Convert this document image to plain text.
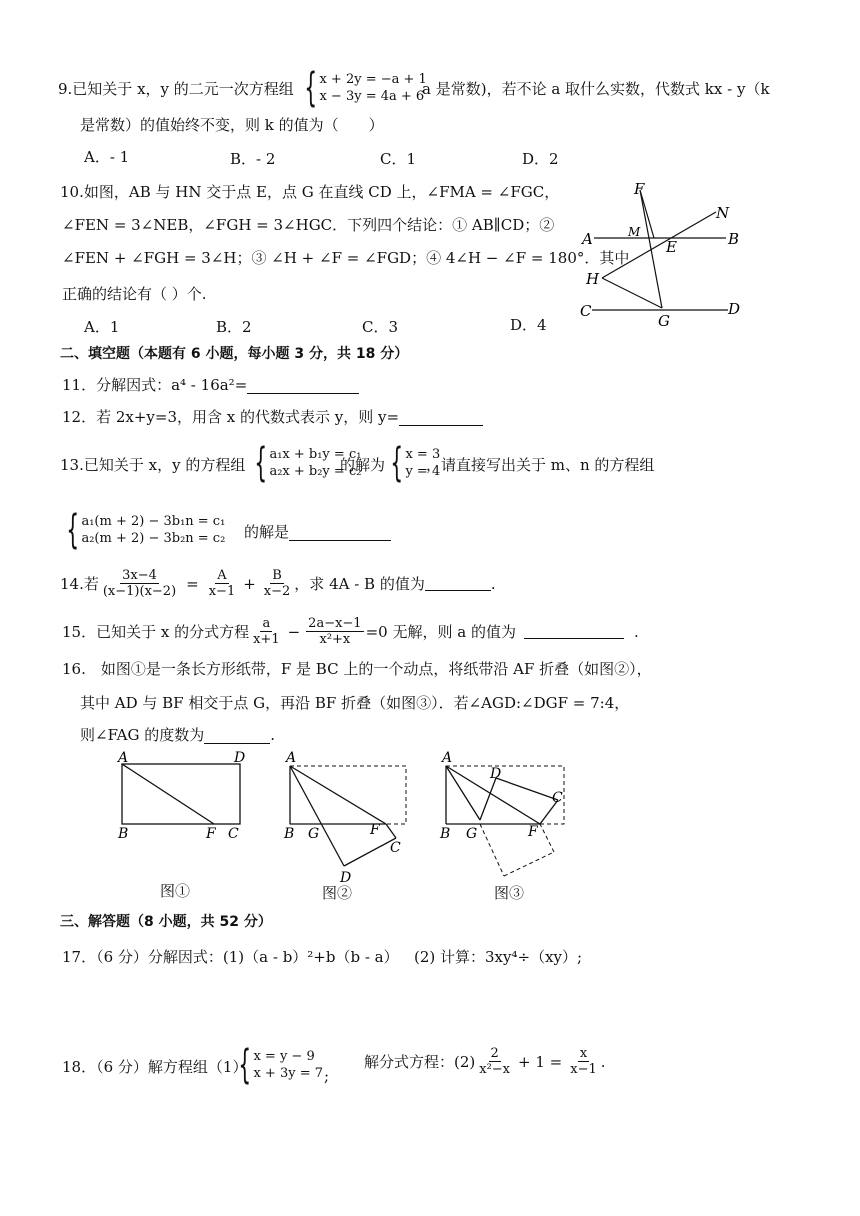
9.已知关于 x，y 的二元一次方程组 { x + 2y = −a + 1
x − 3y = 4a + 6
a 是常数)，若不论 a 取什么实数，代数式 kx - y（k
是常数）的值始终不变，则 k 的值为（　　）
A．- 1	B．- 2	C．1	D．2
10.如图，AB 与 HN 交于点 E，点 G 在直线 CD 上，∠FMA = ∠FGC，
∠FEN = 3∠NEB，∠FGH = 3∠HGC．下列四个结论：① AB∥CD；②
∠FEN + ∠FGH = 3∠H；③ ∠H + ∠F = ∠FGD；④ 4∠H − ∠F = 180°．其中
正确的结论有（ ）个.
A．1	B．2	C．3	D．4
F
N
A	M
E	B
H
C
G
D
二、填空题（本题有 6 小题，每小题 3 分，共 18 分）
11．分解因式：a⁴ - 16a²=
12．若 2x+y=3，用含 x 的代数式表示 y，则 y=
13.已知关于 x，y 的方程组 { a₁x + b₁y = c₁
a₂x + b₂y = c₂
的解为 { x = 3
y = 4
，请直接写出关于 m、n 的方程组
{ a₁(m + 2) − 3b₁n = c₁
a₂(m + 2) − 3b₂n = c₂ 的解是
14.若 $\frac{3x-4}{(x-1)(x-2)} = \frac{A}{x-1} + \frac{B}{x-2}$ ，求 4A - B 的值为	.
15．已知关于 x 的分式方程 $\frac{a}{x+1} - \frac{2a-x-1}{\text{x²+x}} =0$ 无解，则 a 的值为	.
16.　如图①是一条长方形纸带，F 是 BC 上的一个动点，将纸带沿 AF 折叠（如图②），
其中 AD 与 BF 相交于点 G，再沿 BF 折叠（如图③）．若∠AGD:∠DGF = 7:4，
则∠FAG 的度数为	.
A	D
B	F C
A
B G	F
C
D
A
D
C
B G	F
图①	图②	图③
三、解答题（8 小题，共 52 分）
17．（6 分）分解因式：(1)（a - b）²+b（b - a） (2) 计算：3xy⁴÷（xy）;
18．（6 分）解方程组（1）
{ x = y − 9
x + 3y = 7 ;
解分式方程：$(2) \frac{2}{\text{x²−x}} + 1 = \frac{x}{x-1}$ .
